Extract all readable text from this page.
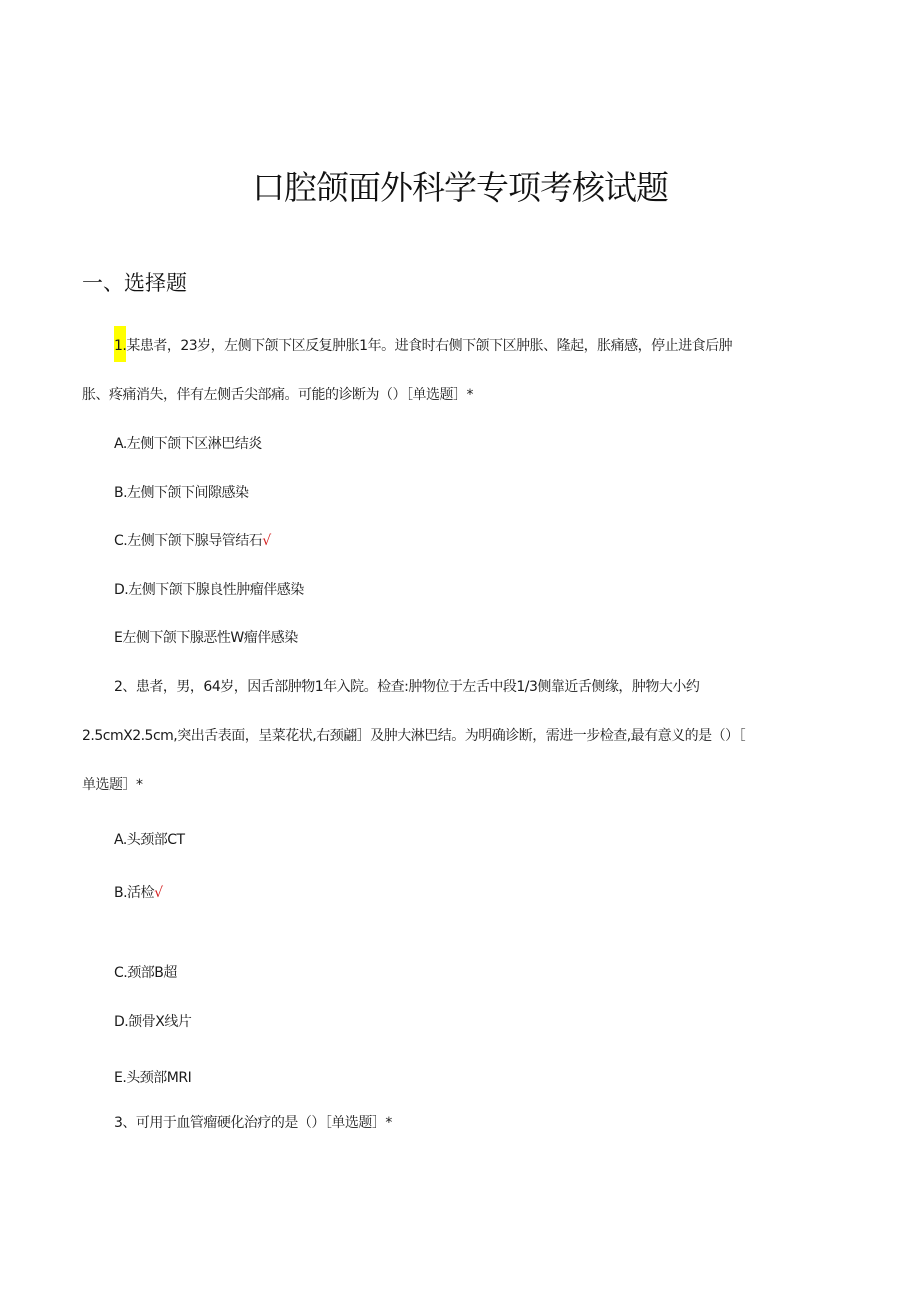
口腔颌面外科学专项考核试题
一、选择题
1.某患者，23岁，左侧下颌下区反复肿胀1年。进食时右侧下颌下区肿胀、隆起，胀痛感，停止进食后肿
胀、疼痛消失，伴有左侧舌尖部痛。可能的诊断为（）［单选题］*
A.左侧下颌下区淋巴结炎
B.左侧下颌下间隙感染
C.左侧下颌下腺导管结石√
D.左侧下颌下腺良性肿瘤伴感染
E左侧下颌下腺恶性W瘤伴感染
2、患者，男，64岁，因舌部肿物1年入院。检查:肿物位于左舌中段1/3侧靠近舌侧缘，肿物大小约
2.5cmX2.5cm,突出舌表面，呈菜花状,右颈翩］及肿大淋巴结。为明确诊断，需进一步检查,最有意义的是（）［
单选题］*
A.头颈部CT
B.活检√
C.颈部B超
D.颌骨X线片
E.头颈部MRI
3、可用于血管瘤硬化治疗的是（）［单选题］*
